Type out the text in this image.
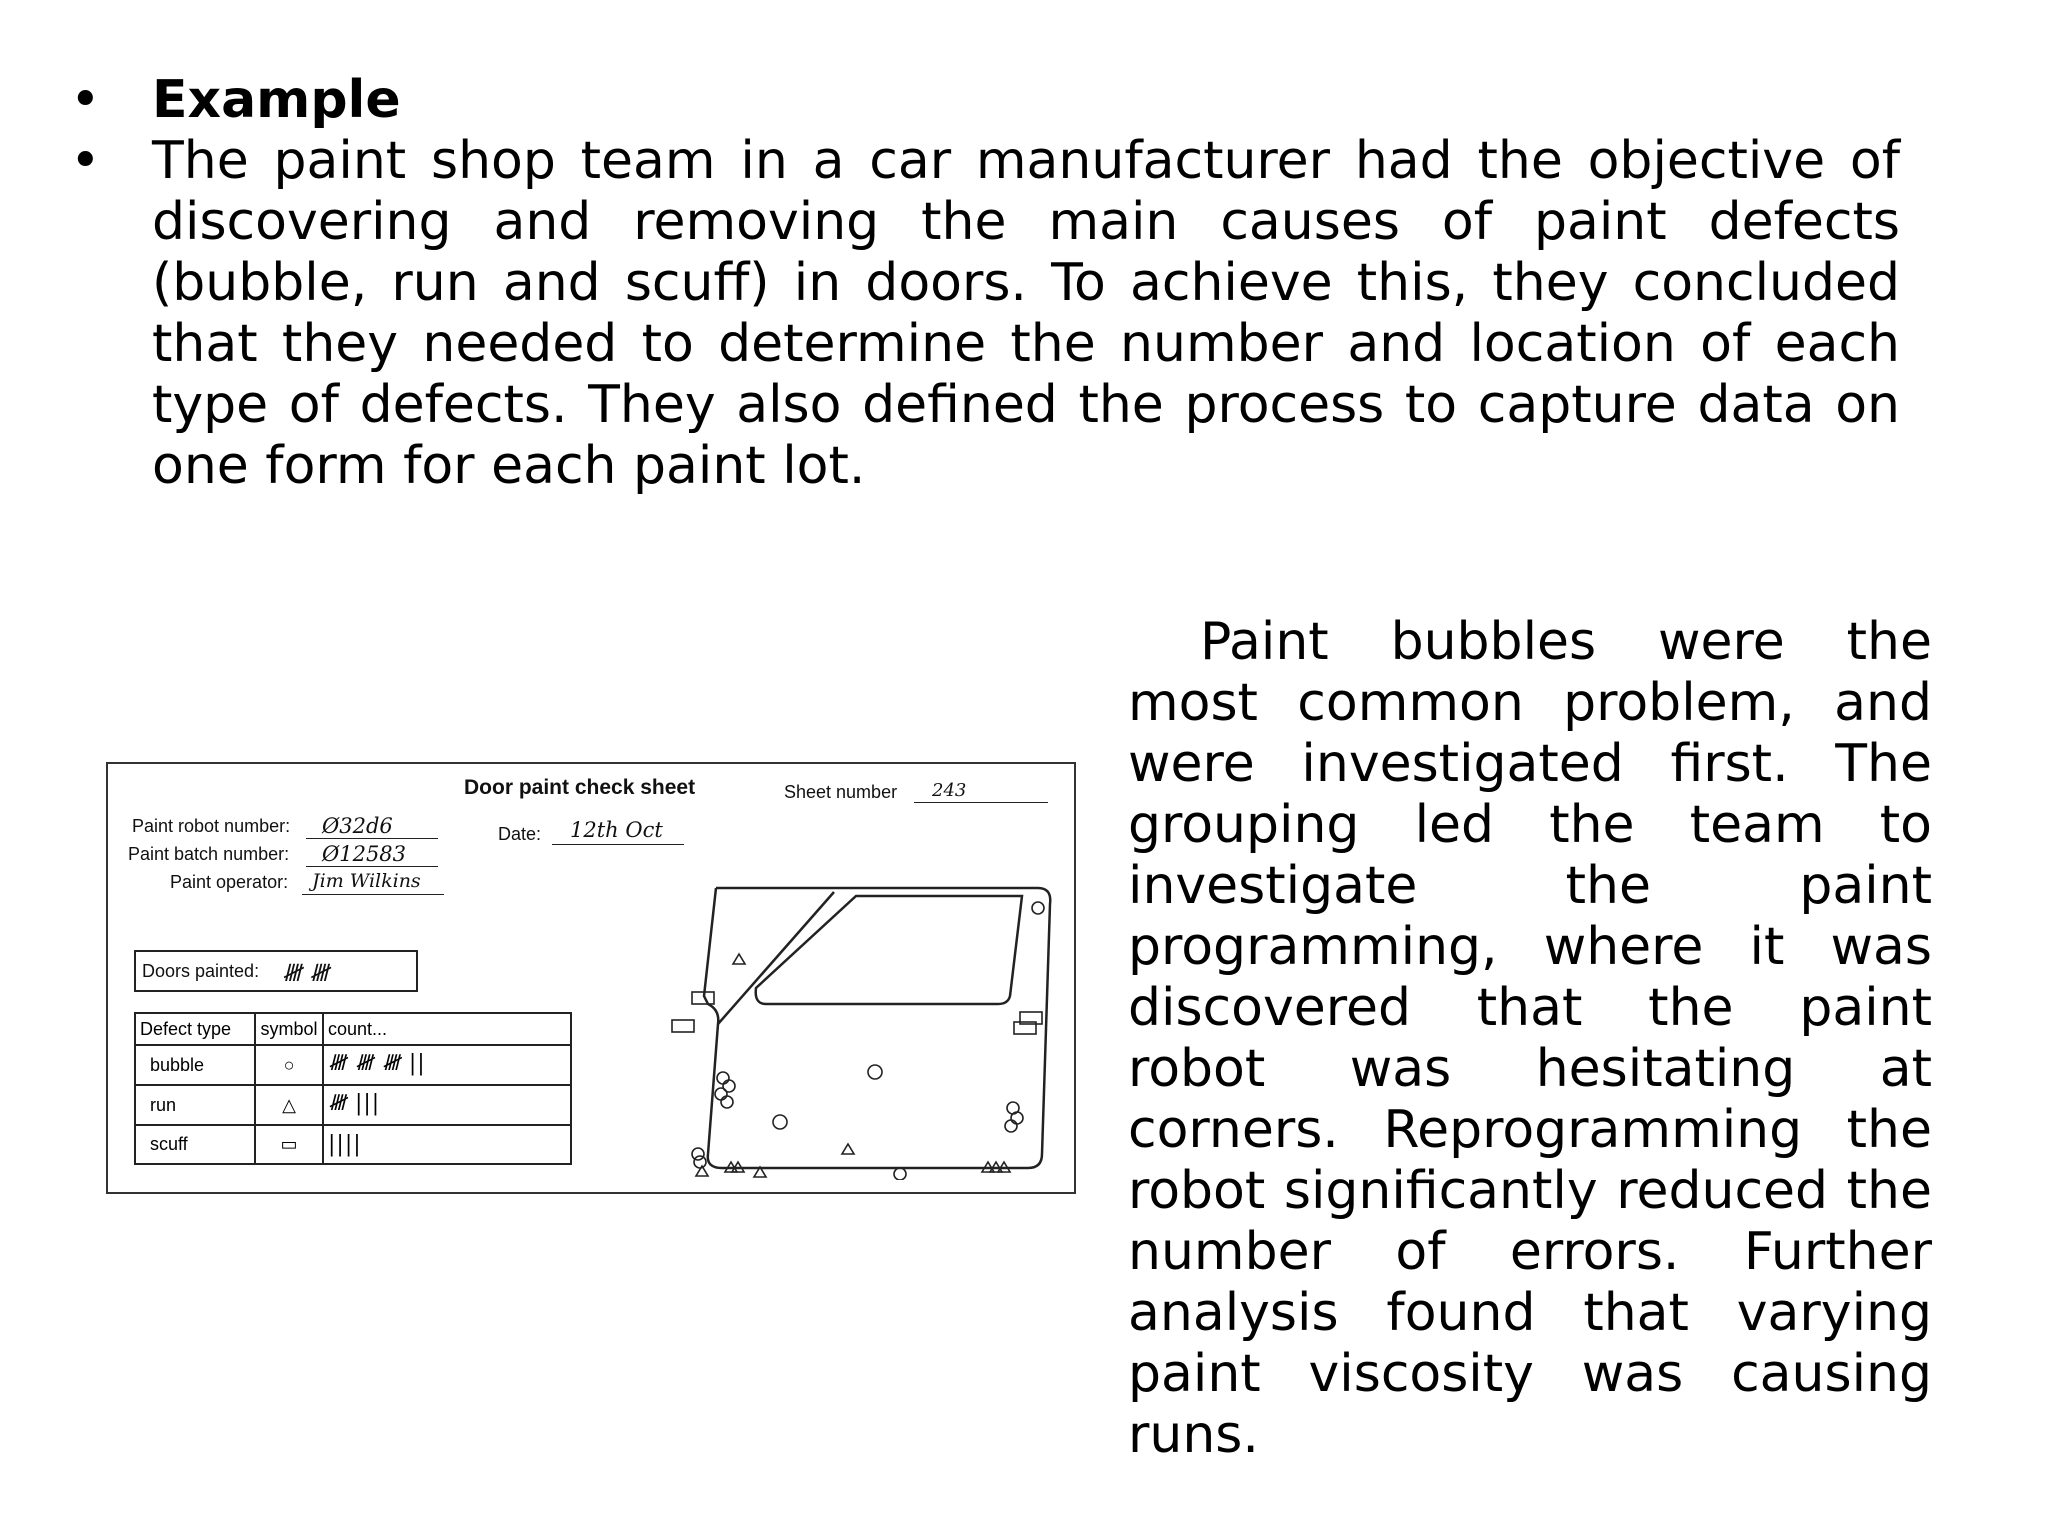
• Example
• The paint shop team in a car manufacturer had the objective of discovering and removing the main causes of paint defects (bubble, run and scuff) in doors. To achieve this, they concluded that they needed to determine the number and location of each type of defects. They also defined the process to capture data on one form for each paint lot.
Door paint check sheet	Sheet number 243
Paint robot number: Ø32d6
Paint batch number: Ø12583
Paint operator: Jim Wilkins
Date: 12th Oct
Doors painted: 𝍸 𝍸
Defect type	symbol	count...
bubble	○	𝍸 𝍸 𝍸 ||
run	△	𝍸 |||
scuff	▭	||||

Paint bubbles were the most common problem, and were investigated first. The grouping led the team to investigate the paint programming, where it was discovered that the paint robot was hesitating at corners. Reprogramming the robot significantly reduced the number of errors. Further analysis found that varying paint viscosity was causing runs.
